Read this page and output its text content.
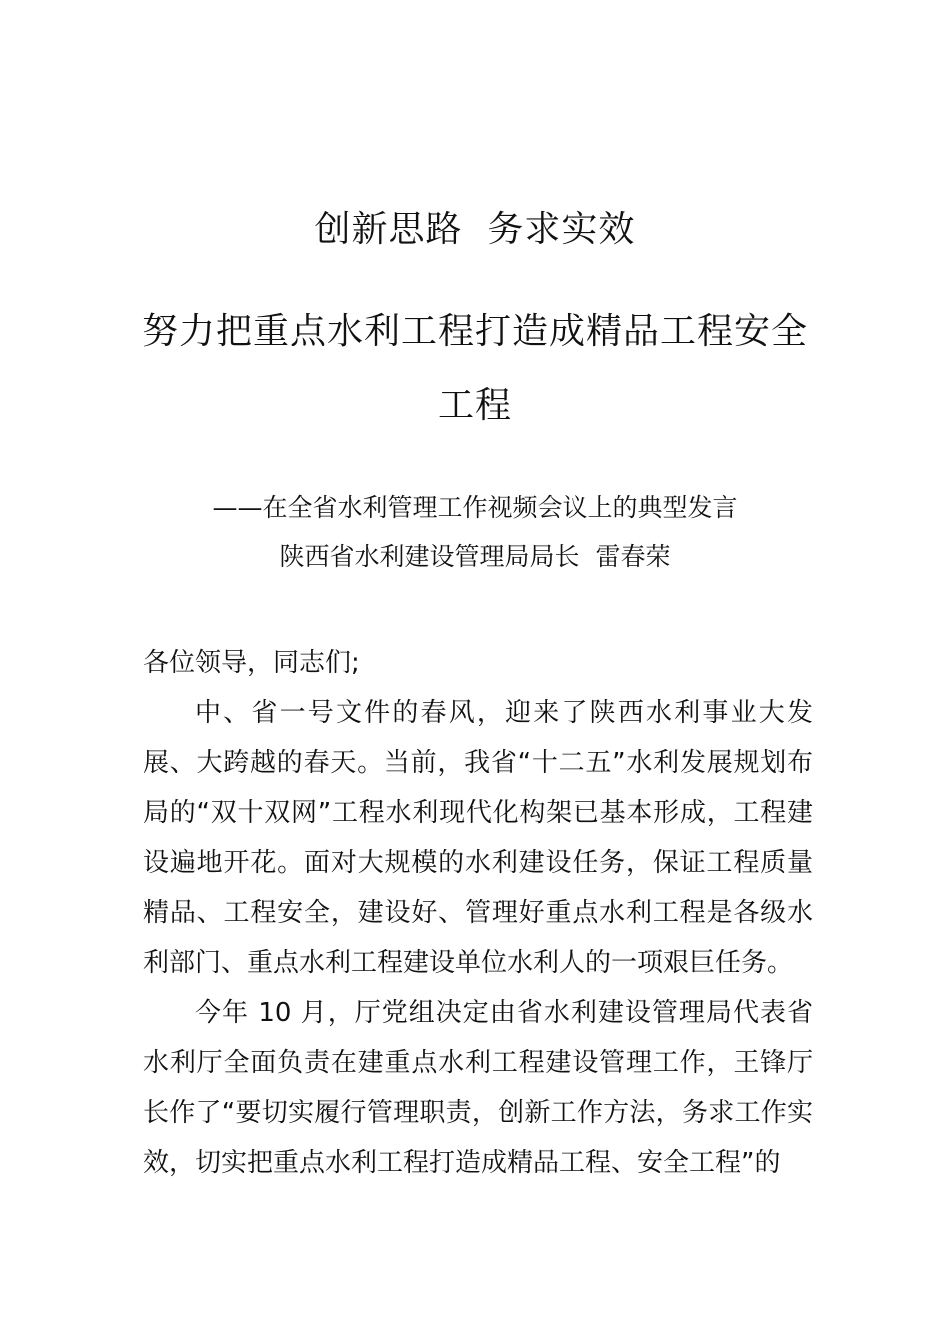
创新思路  务求实效
努力把重点水利工程打造成精品工程安全
工程
——在全省水利管理工作视频会议上的典型发言
陕西省水利建设管理局局长  雷春荣

各位领导，同志们;

中、省一号文件的春风，迎来了陕西水利事业大发展、大跨越的春天。当前，我省“十二五”水利发展规划布局的“双十双网”工程水利现代化构架已基本形成，工程建设遍地开花。面对大规模的水利建设任务，保证工程质量精品、工程安全，建设好、管理好重点水利工程是各级水利部门、重点水利工程建设单位水利人的一项艰巨任务。

今年 10 月，厅党组决定由省水利建设管理局代表省水利厅全面负责在建重点水利工程建设管理工作，王锋厅长作了“要切实履行管理职责，创新工作方法，务求工作实效，切实把重点水利工程打造成精品工程、安全工程”的
